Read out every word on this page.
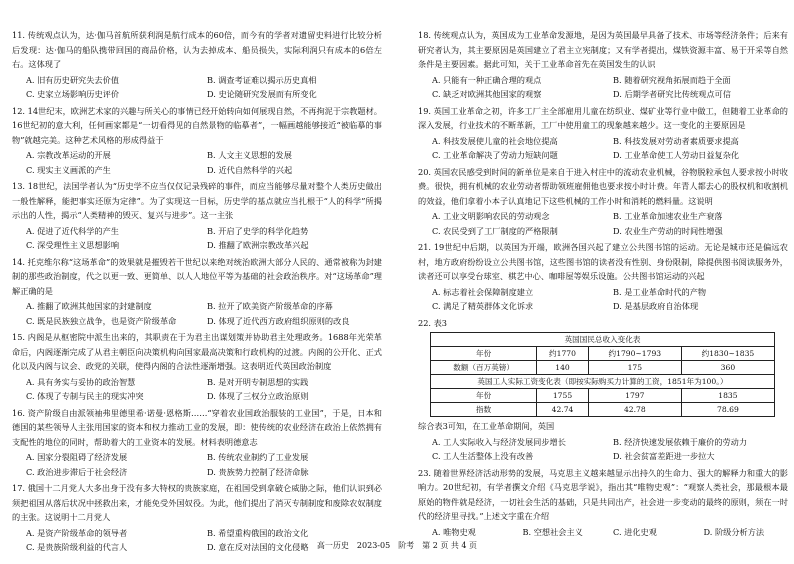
11. 传统观点认为，达·伽马首航所获利润是航行成本的60倍，而今有的学者对遗留史料进行比较分析后发现：达·伽马的船队携带回国的商品价格，认为去掉成本、船员损失，实际利润只有成本的6倍左右。这体现了
A. 旧有历史研究失去价值	B. 调查考证难以揭示历史真相
C. 史家立场影响历史评价	D. 史论随研究发展而有所变化
12. 14世纪末，欧洲艺术家的兴趣与所关心的事情已经开始转向如何展现自然，不再拘泥于宗教题材。16世纪初的意大利，任何画家都是“一切看得见的自然景物的临摹者”，一幅画越能够接近“被临摹的事物”就越完美。这种艺术风格的形成得益于
A. 宗教改革运动的开展	B. 人文主义思想的发展
C. 现实主义画派的产生	D. 近代自然科学的兴起
13. 18世纪，法国学者认为“历史学不应当仅仅记录残碎的事件，而应当能够尽量对整个人类历史做出一般性解释，能把事实还原为定律”。为了实现这一目标，历史学的基点就应当扎根于“人的科学”所揭示出的人性，揭示“人类精神的毁灭、复兴与进步”。这一主张
A. 促进了近代科学的产生	B. 开启了史学的科学化趋势
C. 深受理性主义思想影响	D. 推翻了欧洲宗教改革兴起
14. 托克维尔称“这场革命”的效果就是摧毁若干世纪以来绝对统治欧洲大部分人民的、通常被称为封建制的那些政治制度，代之以更一致、更简单、以人人地位平等为基础的社会政治秩序。对“这场革命”理解正确的是
A. 推翻了欧洲其他国家的封建制度	B. 拉开了欧美资产阶级革命的序幕
C. 既是民族独立战争，也是资产阶级革命	D. 体现了近代西方政府组织原则的改良
15. 内阁是从枢密院中派生出来的，其职责在于为君主出谋划策并协助君主处理政务。1688年光荣革命后，内阁逐渐完成了从君主朝臣向决策机构向国家最高决策和行政机构的过渡。内阁的公开化、正式化以及内阁与议会、政党的关联，使得内阁的合法性逐渐增强。这表明近代英国政治制度
A. 具有务实与妥协的政治智慧	B. 是对开明专制思想的实践
C. 体现了专制与民主的现实冲突	D. 体现了三权分立政治原则
16. 资产阶级自由派领袖弗里德里希·诺曼·恩格斯……“穿着农业国政治服装的工业国”，于是，日本和德国的某些领导人主张用国家的资本和权力推动工业的发展，即：使传统的农业经济在政治上依然拥有支配性的地位的同时，帮助着大的工业资本的发展。材料表明德意志
A. 国家分裂阻碍了经济发展	B. 传统农业制约了工业发展
C. 政治进步滞后于社会经济	D. 贵族势力控制了经济命脉
17. 俄国十二月党人大多出身于没有多大特权的贵族家庭，在祖国受到拿破仑威胁之际，他们认识到必须把祖国从落后状况中拯救出来，才能免受外国奴役。为此，他们提出了消灭专制制度和废除农奴制度的主张。这说明十二月党人
A. 是资产阶级革命的领导者	B. 希望重构俄国的政治文化
C. 是贵族阶级利益的代言人	D. 意在反对法国的文化侵略
18. 传统观点认为，英国成为工业革命发源地，是因为英国最早具备了技术、市场等经济条件；后来有研究者认为，其主要原因是英国建立了君主立宪制度；又有学者提出，煤铁资源丰富、易于开采等自然条件是主要因素。据此可知，关于工业革命首先在英国发生的认识
A. 只能有一种正确合理的观点	B. 随着研究视角拓展而趋于全面
C. 缺乏对欧洲其他国家的观察	D. 后期学者研究比传统观点可信
19. 英国工业革命之初，许多工厂主全部雇用儿童在纺织业、煤矿业等行业中做工，但随着工业革命的深入发展，行业技术的不断革新，工厂中使用童工的现象越来越少。这一变化的主要原因是
A. 科技发展使儿童的社会地位提高	B. 科技发展对劳动者素质要求提高
C. 工业革命解决了劳动力短缺问题	D. 工业革命使工人劳动日益复杂化
20. 英国农民感受到时间的新单位是来自于进入村庄中的流动农业机械，谷物脱粒承包人要求按小时收费。很快，拥有机械的农业劳动者帮助领班雇佣他也要求按小时计费。年青人都去心的股权机和收割机的效益，他们拿着小本子认真地记下这些机械的工作小时和消耗的燃料量。这说明
A. 工业文明影响农民的劳动观念	B. 工业革命加速农业生产衰落
C. 农民受到了工厂制度的严格限制	D. 农业生产劳动的时间性增强
21. 19世纪中后期，以英国为开端，欧洲各国兴起了建立公共图书馆的运动。无论是城市还是偏远农村，地方政府纷纷设立公共图书馆，这些图书馆的读者没有性别、身份限制，除提供图书阅读服务外，读者还可以享受台球室、棋艺中心、咖啡屋等娱乐设施。公共图书馆运动的兴起
A. 标志着社会保障制度建立	B. 是工业革命时代的产物
C. 满足了精英群体文化诉求	D. 是基层政府自治体现
22. 表3
英国国民总收入变化表			
年份	约1770	约1790~1793	约1830~1835
数额（百万英镑）	140	175	360
英国工人实际工资变化表（即按实际购买力计算的工资，1851年为100。）			
年份	1755	1797	1835
指数	42.74	42.78	78.69
综合表3可知，在工业革命期间，英国
A. 工人实际收入与经济发展同步增长	B. 经济快速发展依赖于廉价的劳动力
C. 工人生活整体上没有改善	D. 社会贫富差距进一步拉大
23. 随着世界经济活动形势的发展，马克思主义越来越显示出持久的生命力、强大的解释力和重大的影响力。20世纪初，有学者撰文介绍《马克思学说》，指出其“唯物史观”：“观察人类社会，那最根本最原始的物件就是经济，一切社会生活的基础，只是共同出产，社会进一步变动的最终的原则，须在一时代的经济里寻找。”上述文字重在介绍
A. 唯物史观	B. 空想社会主义	C. 进化史观	D. 阶级分析方法
高一历史　2023-05　阶考　第 2 页 共 4 页
